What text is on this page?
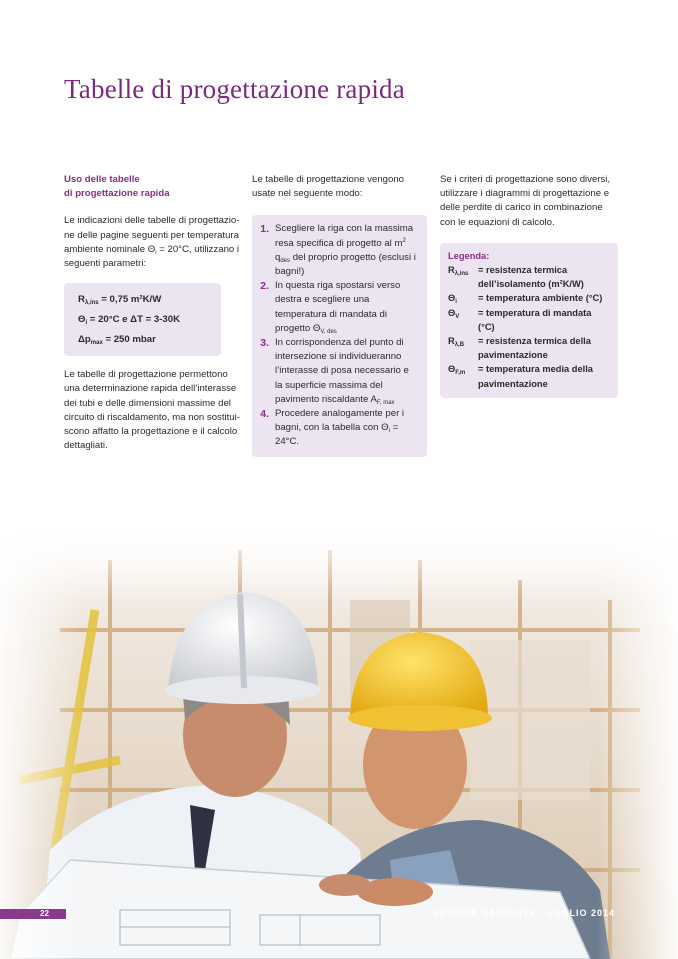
Tabelle di progettazione rapida
Uso delle tabelle
di progettazione rapida

Le indicazioni delle tabelle di progettazio-ne delle pagine seguenti per temperatura ambiente nominale $\Theta_i = 20^\circ C$, utilizzano i seguenti parametri:

$R_{\lambda,ins} = 0,75$ m²K/W
$\Theta_i = 20^\circ C$ e ΔT = 3-30K
$\Delta p_{max} = 250$ mbar

Le tabelle di progettazione permettono una determinazione rapida dell’interasse dei tubi e delle dimensioni massime del circuito di riscaldamento, ma non sostitui-scono affatto la progettazione e il calcolo dettagliati.

Le tabelle di progettazione vengono usate nel seguente modo:

1. Scegliere la riga con la massima resa specifica di progetto al $m^2$ $q_{des}$ del proprio progetto (esclusi i bagni!)
2. In questa riga spostarsi verso destra e scegliere una temperatura di mandata di progetto $\Theta_{V, des}$
3. In corrispondenza del punto di intersezione si individueranno l’interasse di posa necessario e la superficie massima del pavimento riscaldante $A_{F, max}$
4. Procedere analogamente per i bagni, con la tabella con $\Theta_i = 24^\circ C$.

Se i criteri di progettazione sono diversi, utilizzare i diagrammi di progettazione e delle perdite di carico in combinazione con le equazioni di calcolo.

Legenda:
$R_{\lambda,ins}$	= resistenza termica dell’isolamento (m²K/W)
$\Theta_i$	= temperatura ambiente (°C)
$\Theta_V$	= temperatura di mandata (°C)
$R_{\lambda,B}$	= resistenza termica della pavimentazione
$\Theta_{F,m}$	= temperatura media della pavimentazione
22	UPONOR RADIANTE - LUGLIO 2014
